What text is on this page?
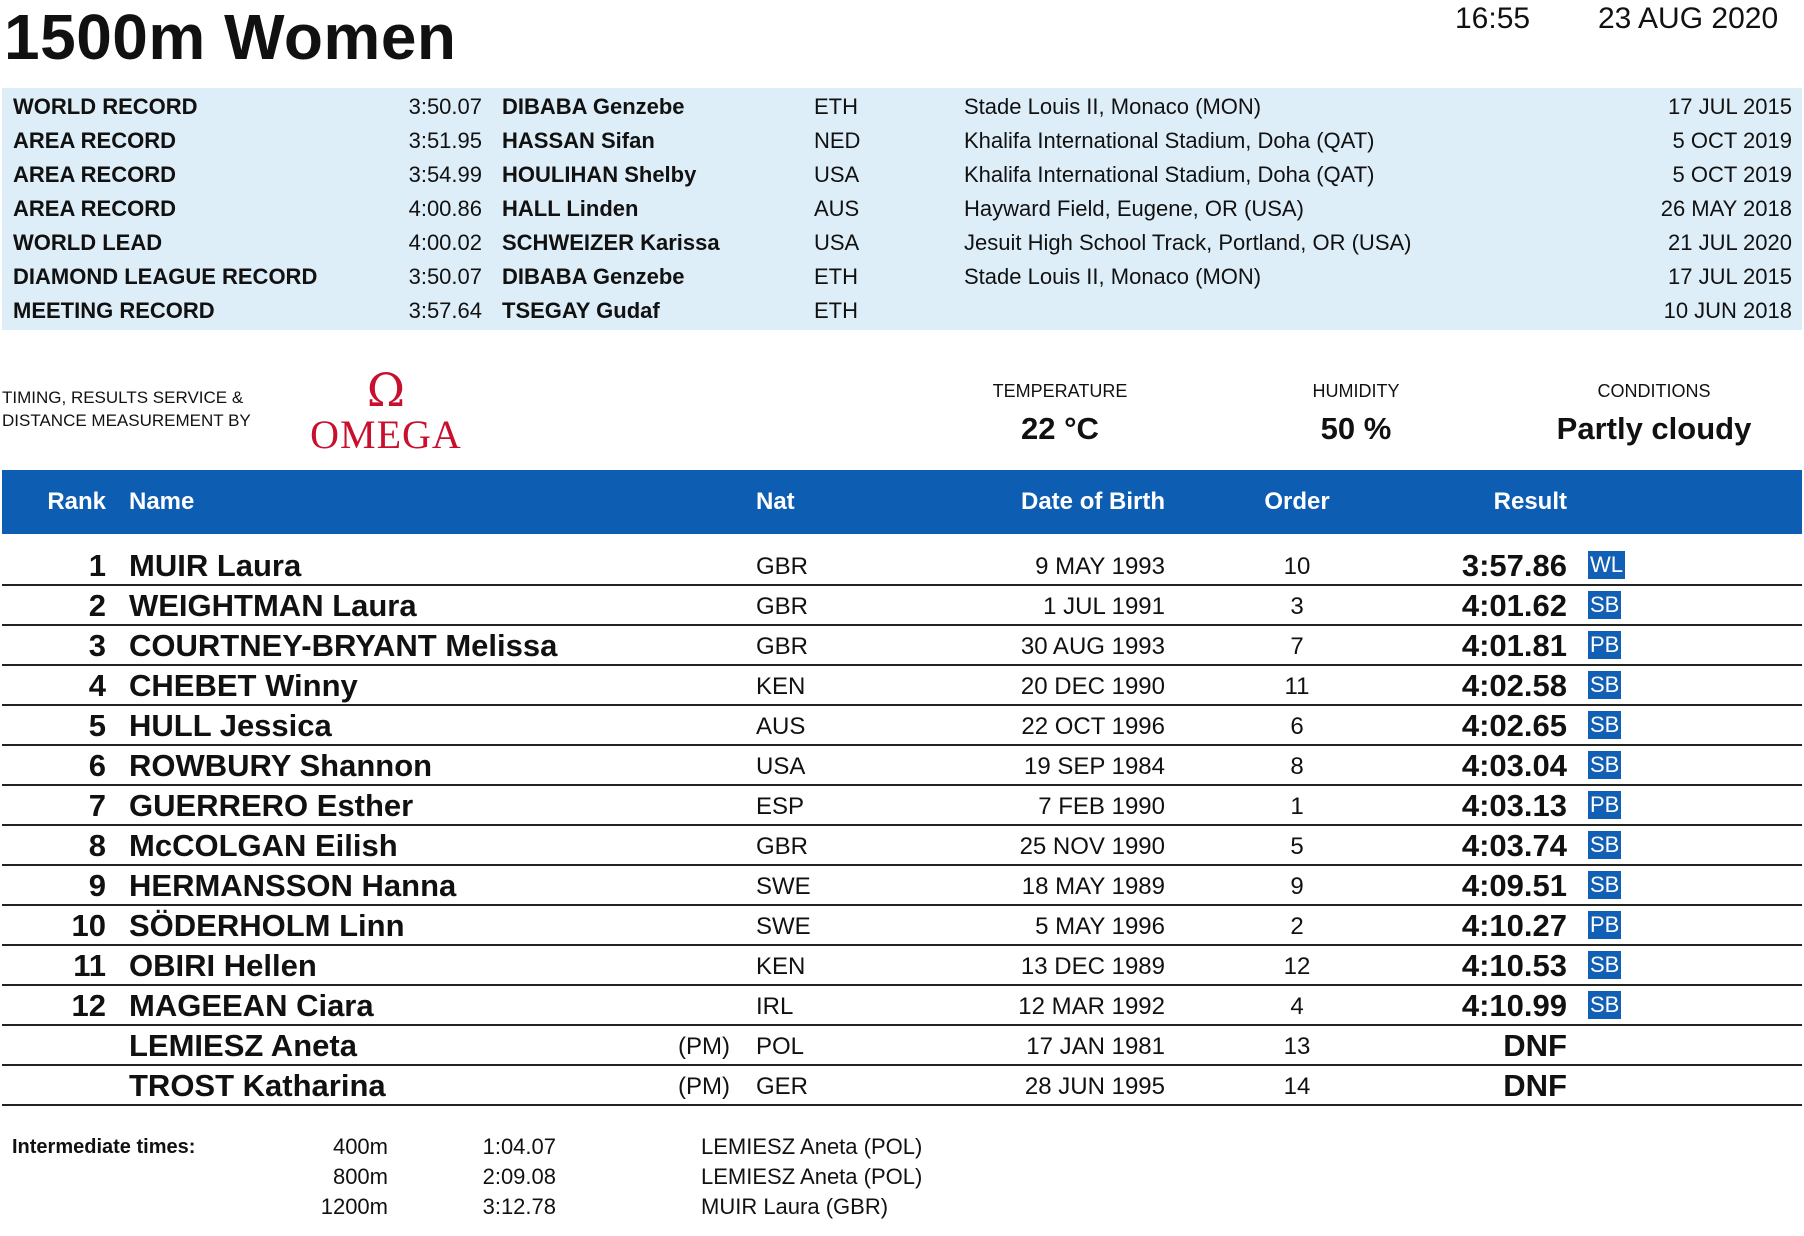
1500m Women	16:55 23 AUG 2020
WORLD RECORD	3:50.07 DIBABA Genzebe	ETH	Stade Louis II, Monaco (MON)	17 JUL 2015
AREA RECORD	3:51.95 HASSAN Sifan	NED	Khalifa International Stadium, Doha (QAT)	5 OCT 2019
AREA RECORD	3:54.99 HOULIHAN Shelby	USA	Khalifa International Stadium, Doha (QAT)	5 OCT 2019
AREA RECORD	4:00.86 HALL Linden	AUS	Hayward Field, Eugene, OR (USA)	26 MAY 2018
WORLD LEAD	4:00.02 SCHWEIZER Karissa	USA	Jesuit High School Track, Portland, OR (USA)	21 JUL 2020
DIAMOND LEAGUE RECORD	3:50.07 DIBABA Genzebe	ETH	Stade Louis II, Monaco (MON)	17 JUL 2015
MEETING RECORD	3:57.64 TSEGAY Gudaf	ETH	10 JUN 2018
TIMING, RESULTS SERVICE &
DISTANCE MEASUREMENT BY
Ω
OMEGA
TEMPERATURE
22 °C
HUMIDITY
50 %
CONDITIONS
Partly cloudy
Rank Name	Nat	Date of Birth	Order	Result
1 MUIR Laura	GBR	9 MAY 1993	10	3:57.86 WL
2 WEIGHTMAN Laura	GBR	1 JUL 1991	3	4:01.62 SB
3 COURTNEY-BRYANT Melissa	GBR	30 AUG 1993	7	4:01.81 PB
4 CHEBET Winny	KEN	20 DEC 1990	11	4:02.58 SB
5 HULL Jessica	AUS	22 OCT 1996	6	4:02.65 SB
6 ROWBURY Shannon	USA	19 SEP 1984	8	4:03.04 SB
7 GUERRERO Esther	ESP	7 FEB 1990	1	4:03.13 PB
8 McCOLGAN Eilish	GBR	25 NOV 1990	5	4:03.74 SB
9 HERMANSSON Hanna	SWE	18 MAY 1989	9	4:09.51 SB
10 SÖDERHOLM Linn	SWE	5 MAY 1996	2	4:10.27 PB
11 OBIRI Hellen	KEN	13 DEC 1989	12	4:10.53 SB
12 MAGEEAN Ciara	IRL	12 MAR 1992	4	4:10.99 SB
LEMIESZ Aneta	(PM) POL	17 JAN 1981	13	DNF
TROST Katharina	(PM) GER	28 JUN 1995	14	DNF
Intermediate times:	400m	1:04.07	LEMIESZ Aneta (POL)
800m	2:09.08	LEMIESZ Aneta (POL)
1200m	3:12.78	MUIR Laura (GBR)
